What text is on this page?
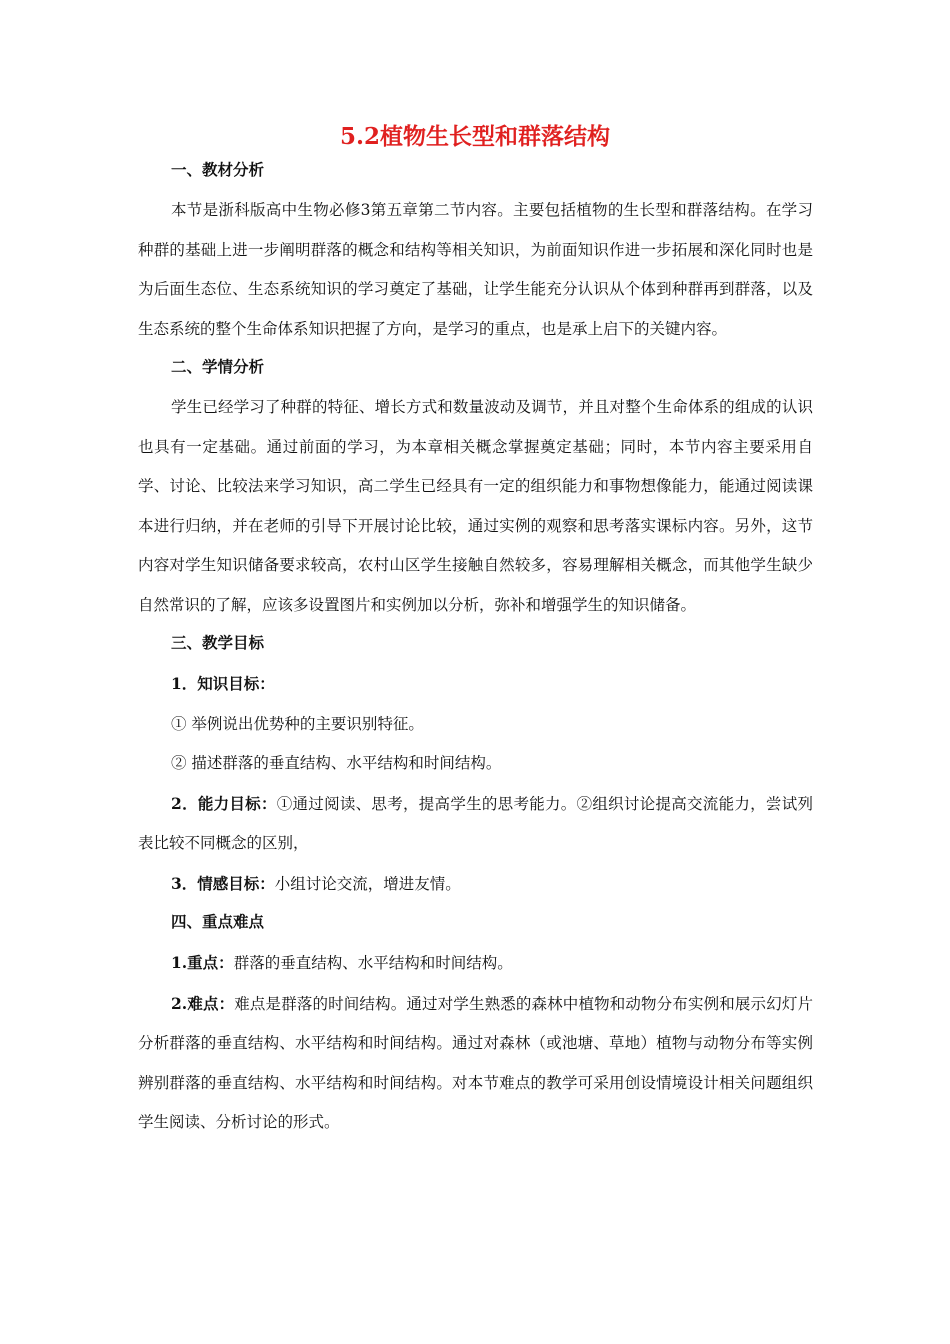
5.2植物生长型和群落结构
一、教材分析
本节是浙科版高中生物必修3第五章第二节内容。主要包括植物的生长型和群落结构。在学习种群的基础上进一步阐明群落的概念和结构等相关知识，为前面知识作进一步拓展和深化同时也是为后面生态位、生态系统知识的学习奠定了基础，让学生能充分认识从个体到种群再到群落，以及生态系统的整个生命体系知识把握了方向，是学习的重点，也是承上启下的关键内容。
二、学情分析
学生已经学习了种群的特征、增长方式和数量波动及调节，并且对整个生命体系的组成的认识也具有一定基础。通过前面的学习，为本章相关概念掌握奠定基础；同时，本节内容主要采用自学、讨论、比较法来学习知识，高二学生已经具有一定的组织能力和事物想像能力，能通过阅读课本进行归纳，并在老师的引导下开展讨论比较，通过实例的观察和思考落实课标内容。另外，这节内容对学生知识储备要求较高，农村山区学生接触自然较多，容易理解相关概念，而其他学生缺少自然常识的了解，应该多设置图片和实例加以分析，弥补和增强学生的知识储备。
三、教学目标
1．知识目标：
① 举例说出优势种的主要识别特征。
② 描述群落的垂直结构、水平结构和时间结构。
2．能力目标：①通过阅读、思考，提高学生的思考能力。②组织讨论提高交流能力，尝试列表比较不同概念的区别，
3．情感目标：小组讨论交流，增进友情。
四、重点难点
1.重点：群落的垂直结构、水平结构和时间结构。
2.难点：难点是群落的时间结构。通过对学生熟悉的森林中植物和动物分布实例和展示幻灯片分析群落的垂直结构、水平结构和时间结构。通过对森林（或池塘、草地）植物与动物分布等实例辨别群落的垂直结构、水平结构和时间结构。对本节难点的教学可采用创设情境设计相关问题组织学生阅读、分析讨论的形式。
